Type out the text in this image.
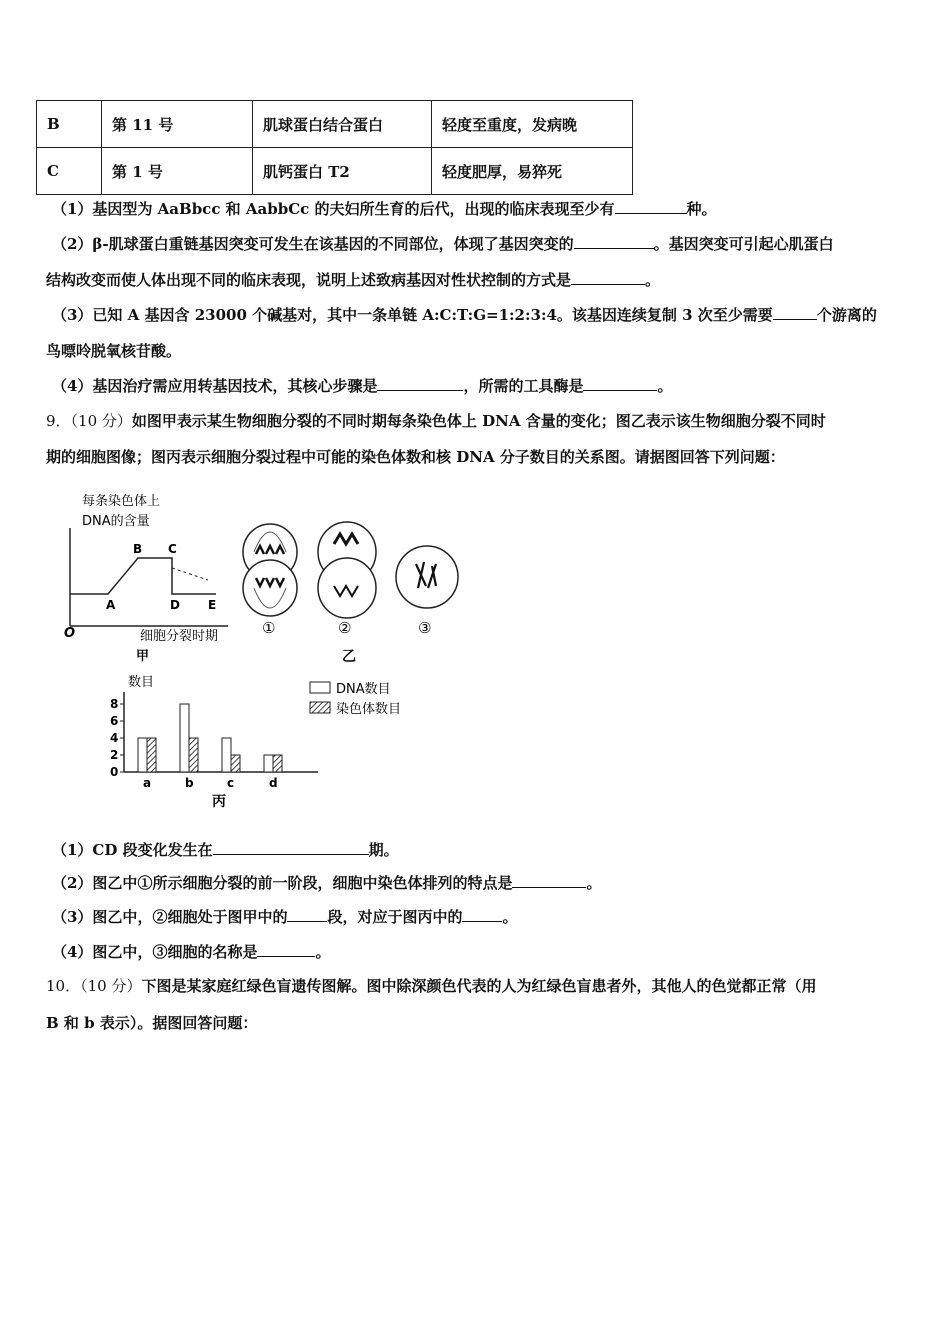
B	第 11 号	肌球蛋白结合蛋白	轻度至重度，发病晚
C	第 1 号	肌钙蛋白 T2	轻度肥厚，易猝死
（1）基因型为 AaBbcc 和 AabbCc 的夫妇所生育的后代，出现的临床表现至少有	种。
（2）β-肌球蛋白重链基因突变可发生在该基因的不同部位，体现了基因突变的	。基因突变可引起心肌蛋白
结构改变而使人体出现不同的临床表现，说明上述致病基因对性状控制的方式是	。
（3）已知 A 基因含 23000 个碱基对，其中一条单链 A:C:T:G=1:2:3:4。该基因连续复制 3 次至少需要	个游离的
鸟嘌呤脱氧核苷酸。
（4）基因治疗需应用转基因技术，其核心步骤是	，所需的工具酶是	。
9．（10 分）如图甲表示某生物细胞分裂的不同时期每条染色体上 DNA 含量的变化；图乙表示该生物细胞分裂不同时
期的细胞图像；图丙表示细胞分裂过程中可能的染色体数和核 DNA 分子数目的关系图。请据图回答下列问题：
每条染色体上
DNA的含量
O
A
B C
D E
细胞分裂时期
甲
①	②	③
乙
数目
0
2
4
6
8
a	b	c	d
DNA数目
染色体数目
丙
（1）CD 段变化发生在	期。
（2）图乙中①所示细胞分裂的前一阶段，细胞中染色体排列的特点是	。
（3）图乙中，②细胞处于图甲中的	段，对应于图丙中的	。
（4）图乙中，③细胞的名称是	。
10．（10 分）下图是某家庭红绿色盲遗传图解。图中除深颜色代表的人为红绿色盲患者外，其他人的色觉都正常（用
B 和 b 表示）。据图回答问题：
